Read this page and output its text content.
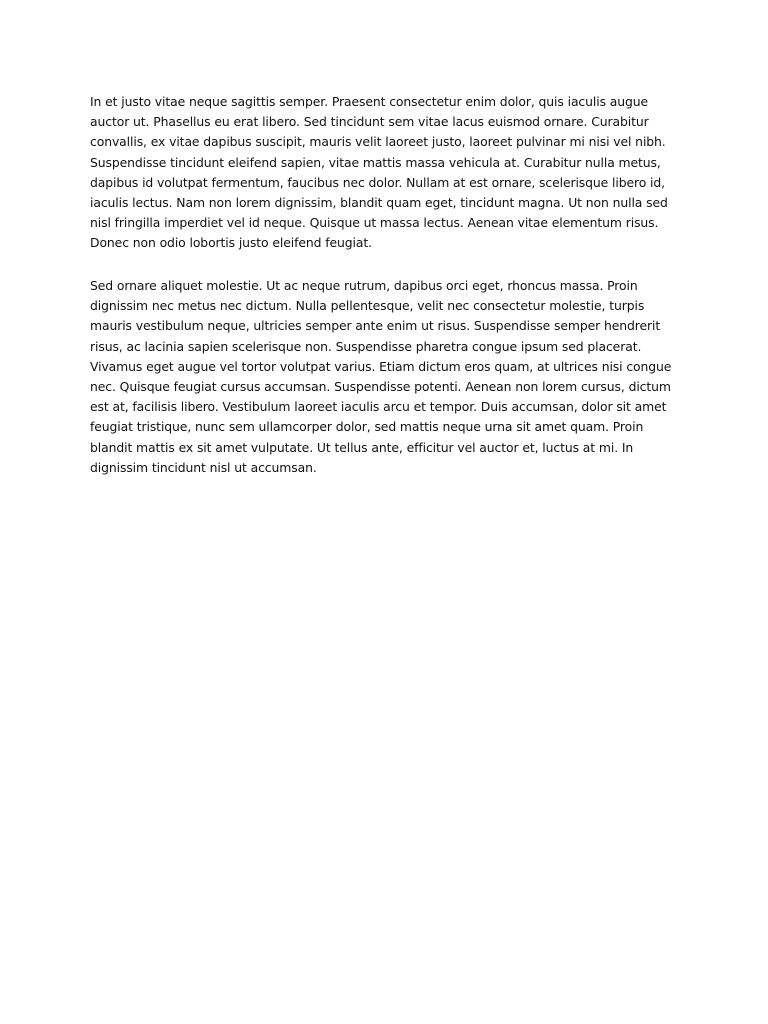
In et justo vitae neque sagittis semper. Praesent consectetur enim dolor, quis iaculis augue auctor ut. Phasellus eu erat libero. Sed tincidunt sem vitae lacus euismod ornare. Curabitur convallis, ex vitae dapibus suscipit, mauris velit laoreet justo, laoreet pulvinar mi nisi vel nibh. Suspendisse tincidunt eleifend sapien, vitae mattis massa vehicula at. Curabitur nulla metus, dapibus id volutpat fermentum, faucibus nec dolor. Nullam at est ornare, scelerisque libero id, iaculis lectus. Nam non lorem dignissim, blandit quam eget, tincidunt magna. Ut non nulla sed nisl fringilla imperdiet vel id neque. Quisque ut massa lectus. Aenean vitae elementum risus. Donec non odio lobortis justo eleifend feugiat.

Sed ornare aliquet molestie. Ut ac neque rutrum, dapibus orci eget, rhoncus massa. Proin dignissim nec metus nec dictum. Nulla pellentesque, velit nec consectetur molestie, turpis mauris vestibulum neque, ultricies semper ante enim ut risus. Suspendisse semper hendrerit risus, ac lacinia sapien scelerisque non. Suspendisse pharetra congue ipsum sed placerat. Vivamus eget augue vel tortor volutpat varius. Etiam dictum eros quam, at ultrices nisi congue nec. Quisque feugiat cursus accumsan. Suspendisse potenti. Aenean non lorem cursus, dictum est at, facilisis libero. Vestibulum laoreet iaculis arcu et tempor. Duis accumsan, dolor sit amet feugiat tristique, nunc sem ullamcorper dolor, sed mattis neque urna sit amet quam. Proin blandit mattis ex sit amet vulputate. Ut tellus ante, efficitur vel auctor et, luctus at mi. In dignissim tincidunt nisl ut accumsan.
